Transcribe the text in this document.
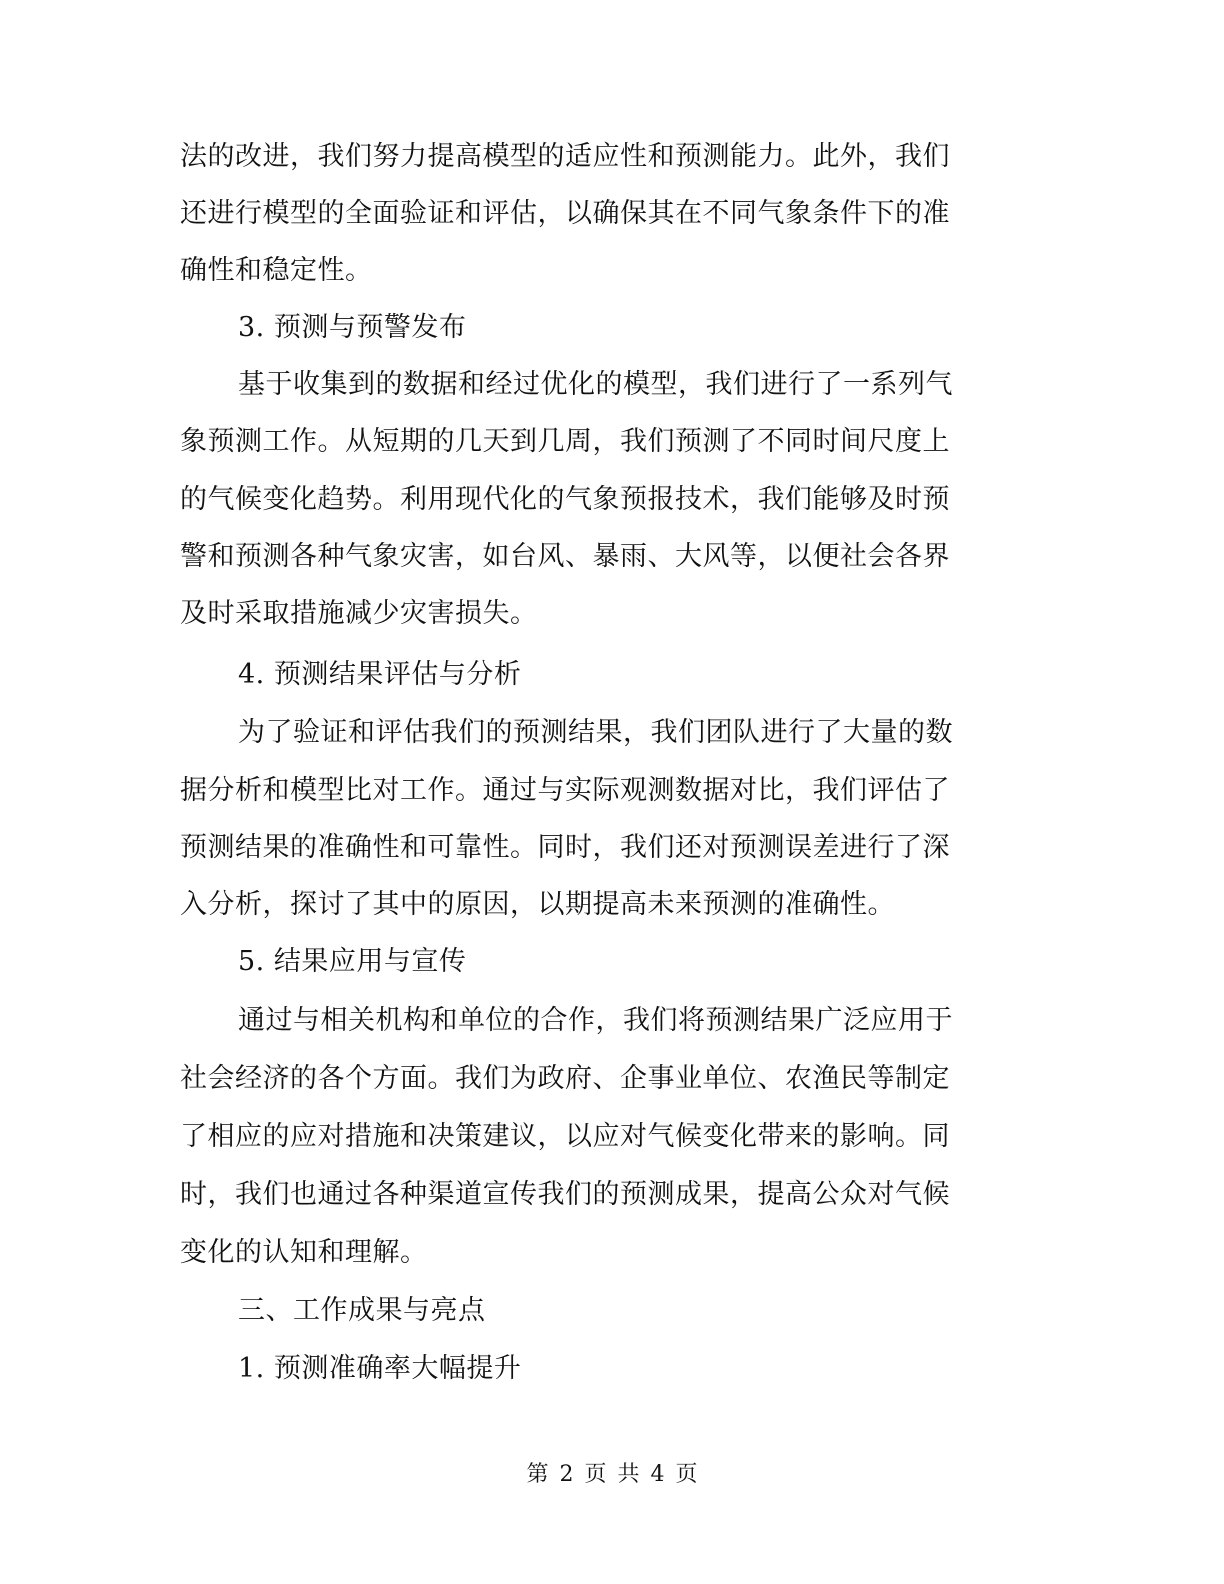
法的改进，我们努力提高模型的适应性和预测能力。此外，我们
还进行模型的全面验证和评估，以确保其在不同气象条件下的准
确性和稳定性。
3. 预测与预警发布
基于收集到的数据和经过优化的模型，我们进行了一系列气
象预测工作。从短期的几天到几周，我们预测了不同时间尺度上
的气候变化趋势。利用现代化的气象预报技术，我们能够及时预
警和预测各种气象灾害，如台风、暴雨、大风等，以便社会各界
及时采取措施减少灾害损失。
4. 预测结果评估与分析
为了验证和评估我们的预测结果，我们团队进行了大量的数
据分析和模型比对工作。通过与实际观测数据对比，我们评估了
预测结果的准确性和可靠性。同时，我们还对预测误差进行了深
入分析，探讨了其中的原因，以期提高未来预测的准确性。
5. 结果应用与宣传
通过与相关机构和单位的合作，我们将预测结果广泛应用于
社会经济的各个方面。我们为政府、企事业单位、农渔民等制定
了相应的应对措施和决策建议，以应对气候变化带来的影响。同
时，我们也通过各种渠道宣传我们的预测成果，提高公众对气候
变化的认知和理解。
三、工作成果与亮点
1. 预测准确率大幅提升
第 2 页 共 4 页
